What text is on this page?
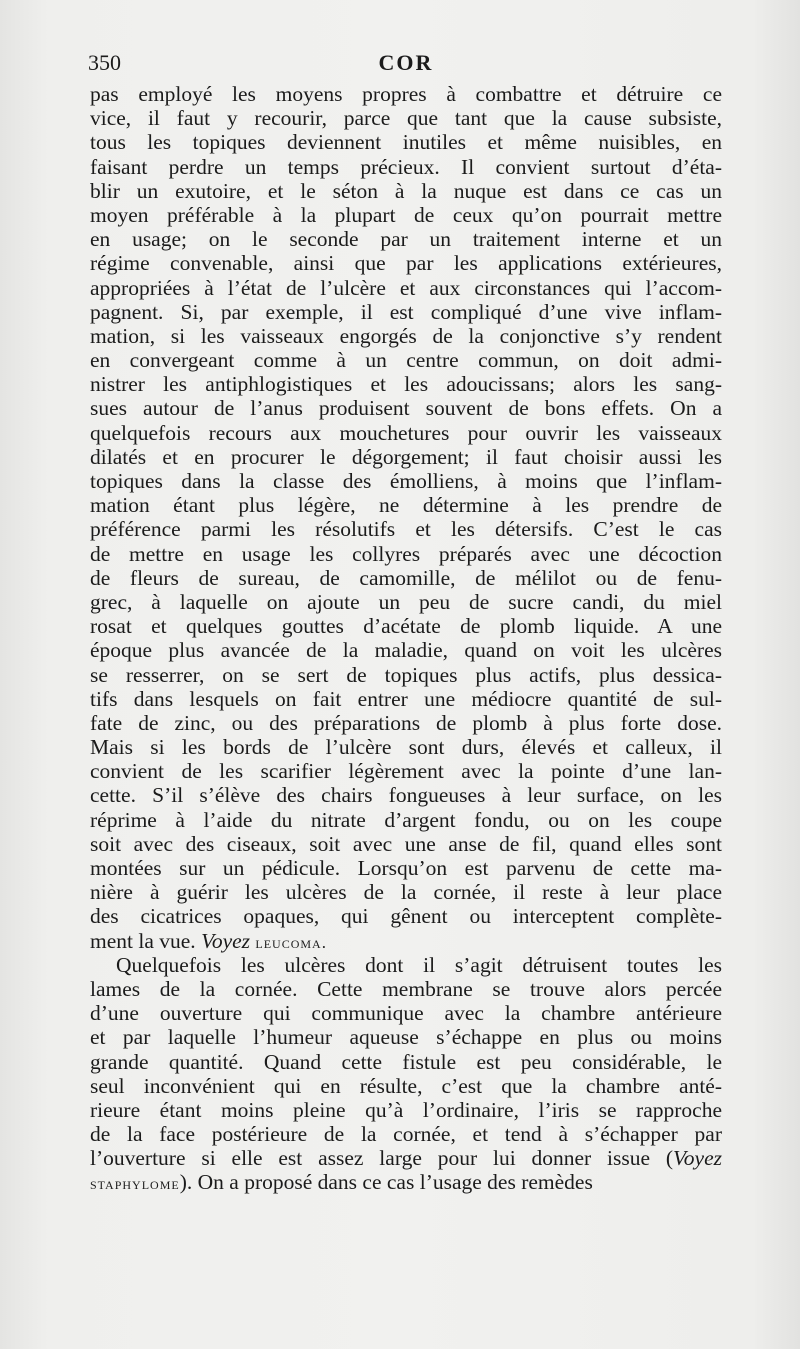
350	COR
pas employé les moyens propres à combattre et détruire ce
vice, il faut y recourir, parce que tant que la cause subsiste,
tous les topiques deviennent inutiles et même nuisibles, en
faisant perdre un temps précieux. Il convient surtout d’éta-
blir un exutoire, et le séton à la nuque est dans ce cas un
moyen préférable à la plupart de ceux qu’on pourrait mettre
en usage; on le seconde par un traitement interne et un
régime convenable, ainsi que par les applications extérieures,
appropriées à l’état de l’ulcère et aux circonstances qui l’accom-
pagnent. Si, par exemple, il est compliqué d’une vive inflam-
mation, si les vaisseaux engorgés de la conjonctive s’y rendent
en convergeant comme à un centre commun, on doit admi-
nistrer les antiphlogistiques et les adoucissans; alors les sang-
sues autour de l’anus produisent souvent de bons effets. On a
quelquefois recours aux mouchetures pour ouvrir les vaisseaux
dilatés et en procurer le dégorgement; il faut choisir aussi les
topiques dans la classe des émolliens, à moins que l’inflam-
mation étant plus légère, ne détermine à les prendre de
préférence parmi les résolutifs et les détersifs. C’est le cas
de mettre en usage les collyres préparés avec une décoction
de fleurs de sureau, de camomille, de mélilot ou de fenu-
grec, à laquelle on ajoute un peu de sucre candi, du miel
rosat et quelques gouttes d’acétate de plomb liquide. A une
époque plus avancée de la maladie, quand on voit les ulcères
se resserrer, on se sert de topiques plus actifs, plus dessica-
tifs dans lesquels on fait entrer une médiocre quantité de sul-
fate de zinc, ou des préparations de plomb à plus forte dose.
Mais si les bords de l’ulcère sont durs, élevés et calleux, il
convient de les scarifier légèrement avec la pointe d’une lan-
cette. S’il s’élève des chairs fongueuses à leur surface, on les
réprime à l’aide du nitrate d’argent fondu, ou on les coupe
soit avec des ciseaux, soit avec une anse de fil, quand elles sont
montées sur un pédicule. Lorsqu’on est parvenu de cette ma-
nière à guérir les ulcères de la cornée, il reste à leur place
des cicatrices opaques, qui gênent ou interceptent complète-
ment la vue. Voyez leucoma.
Quelquefois les ulcères dont il s’agit détruisent toutes les
lames de la cornée. Cette membrane se trouve alors percée
d’une ouverture qui communique avec la chambre antérieure
et par laquelle l’humeur aqueuse s’échappe en plus ou moins
grande quantité. Quand cette fistule est peu considérable, le
seul inconvénient qui en résulte, c’est que la chambre anté-
rieure étant moins pleine qu’à l’ordinaire, l’iris se rapproche
de la face postérieure de la cornée, et tend à s’échapper par
l’ouverture si elle est assez large pour lui donner issue (Voyez
staphylome). On a proposé dans ce cas l’usage des remèdes
